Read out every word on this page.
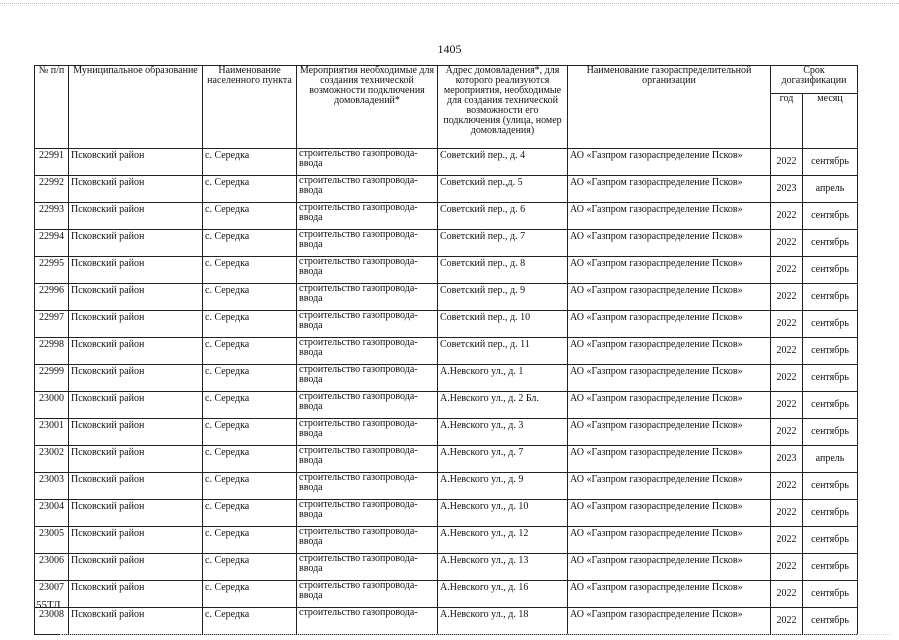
1405
№ п/п	Муниципальное образование	Наименование населенного пункта	Мероприятия необходимые для создания технической возможности подключения домовладений*	Адрес домовладения*, для которого реализуются мероприятия, необходимые для создания технической возможности его подключения (улица, номер домовладения)	Наименование газораспределительной организации	Срок догазификации	
						год	месяц
22991	Псковский район	с. Середка	строительство газопровода-ввода	Советский пер., д. 4	АО «Газпром газораспределение Псков»	2022	сентябрь
22992	Псковский район	с. Середка	строительство газопровода-ввода	Советский пер.,д. 5	АО «Газпром газораспределение Псков»	2023	апрель
22993	Псковский район	с. Середка	строительство газопровода-ввода	Советский пер., д. 6	АО «Газпром газораспределение Псков»	2022	сентябрь
22994	Псковский район	с. Середка	строительство газопровода-ввода	Советский пер., д. 7	АО «Газпром газораспределение Псков»	2022	сентябрь
22995	Псковский район	с. Середка	строительство газопровода-ввода	Советский пер., д. 8	АО «Газпром газораспределение Псков»	2022	сентябрь
22996	Псковский район	с. Середка	строительство газопровода-ввода	Советский пер., д. 9	АО «Газпром газораспределение Псков»	2022	сентябрь
22997	Псковский район	с. Середка	строительство газопровода-ввода	Советский пер., д. 10	АО «Газпром газораспределение Псков»	2022	сентябрь
22998	Псковский район	с. Середка	строительство газопровода-ввода	Советский пер., д. 11	АО «Газпром газораспределение Псков»	2022	сентябрь
22999	Псковский район	с. Середка	строительство газопровода-ввода	А.Невского ул., д. 1	АО «Газпром газораспределение Псков»	2022	сентябрь
23000	Псковский район	с. Середка	строительство газопровода-ввода	А.Невского ул., д. 2 Бл.	АО «Газпром газораспределение Псков»	2022	сентябрь
23001	Псковский район	с. Середка	строительство газопровода-ввода	А.Невского ул., д. 3	АО «Газпром газораспределение Псков»	2022	сентябрь
23002	Псковский район	с. Середка	строительство газопровода-ввода	А.Невского ул., д. 7	АО «Газпром газораспределение Псков»	2023	апрель
23003	Псковский район	с. Середка	строительство газопровода-ввода	А.Невского ул., д. 9	АО «Газпром газораспределение Псков»	2022	сентябрь
23004	Псковский район	с. Середка	строительство газопровода-ввода	А.Невского ул., д. 10	АО «Газпром газораспределение Псков»	2022	сентябрь
23005	Псковский район	с. Середка	строительство газопровода-ввода	А.Невского ул., д. 12	АО «Газпром газораспределение Псков»	2022	сентябрь
23006	Псковский район	с. Середка	строительство газопровода-ввода	А.Невского ул., д. 13	АО «Газпром газораспределение Псков»	2022	сентябрь
23007	Псковский район	с. Середка	строительство газопровода-ввода	А.Невского ул., д. 16	АО «Газпром газораспределение Псков»	2022	сентябрь
23008	Псковский район	с. Середка	строительство газопровода-	А.Невского ул., д. 18	АО «Газпром газораспределение Псков»	2022	сентябрь
55ТЛ
